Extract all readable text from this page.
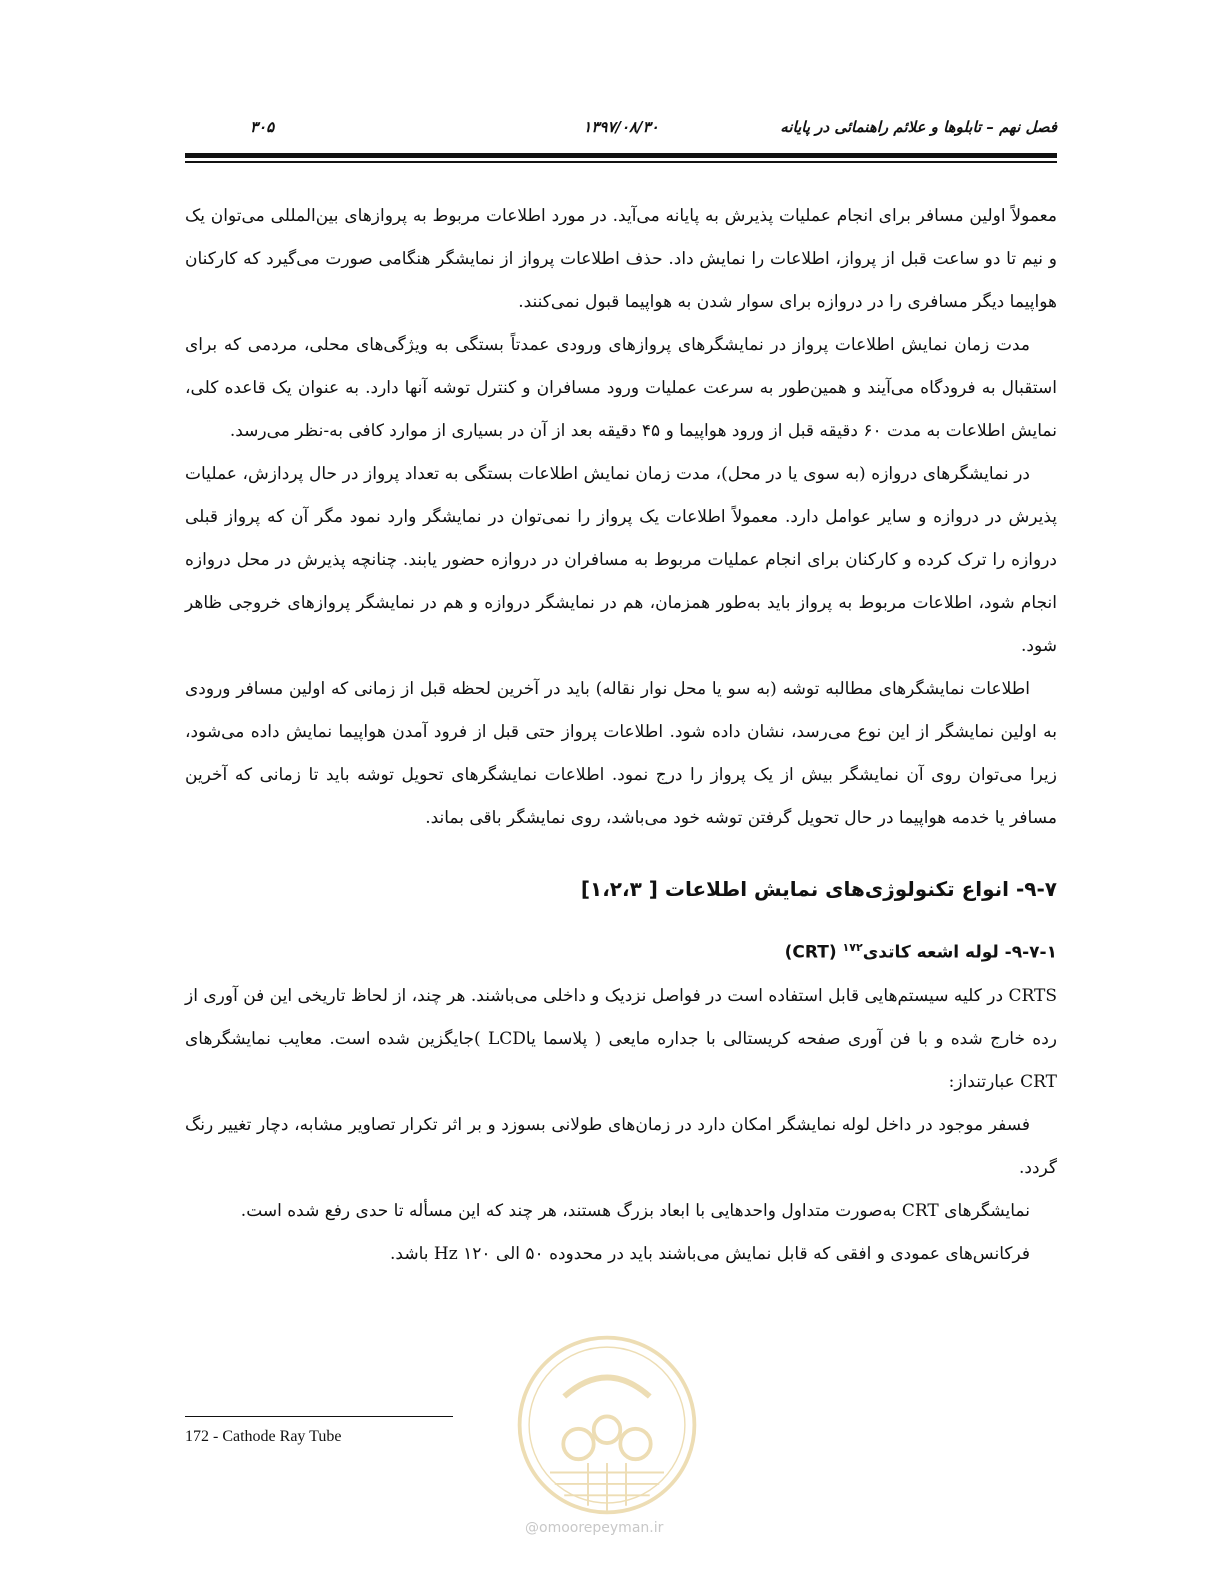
فصل نهم – تابلوها و علائم راهنمائی در پایانه
۱۳۹۷/۰۸/۳۰
۳۰۵

معمولاً اولین مسافر برای انجام عملیات پذیرش به پایانه می‌آید. در مورد اطلاعات مربوط به پروازهای بین‌المللی می‌توان یک و نیم تا دو ساعت قبل از پرواز، اطلاعات را نمایش داد. حذف اطلاعات پرواز از نمایشگر هنگامی صورت می‌گیرد که کارکنان هواپیما دیگر مسافری را در دروازه برای سوار شدن به هواپیما قبول نمی‌کنند.

مدت زمان نمایش اطلاعات پرواز در نمایشگرهای پروازهای ورودی عمدتاً بستگی به ویژگی‌های محلی، مردمی که برای استقبال به فرودگاه می‌آیند و همین‌طور به سرعت عملیات ورود مسافران و کنترل توشه آنها دارد. به عنوان یک قاعده کلی، نمایش اطلاعات به مدت ۶۰ دقیقه قبل از ورود هواپیما و ۴۵ دقیقه بعد از آن در بسیاری از موارد کافی به-نظر می‌رسد.

در نمایشگرهای دروازه (به سوی یا در محل)، مدت زمان نمایش اطلاعات بستگی به تعداد پرواز در حال پردازش، عملیات پذیرش در دروازه و سایر عوامل دارد. معمولاً اطلاعات یک پرواز را نمی‌توان در نمایشگر وارد نمود مگر آن که پرواز قبلی دروازه را ترک کرده و کارکنان برای انجام عملیات مربوط به مسافران در دروازه حضور یابند. چنانچه پذیرش در محل دروازه انجام شود، اطلاعات مربوط به پرواز باید به‌طور همزمان، هم در نمایشگر دروازه و هم در نمایشگر پروازهای خروجی ظاهر شود.

اطلاعات نمایشگرهای مطالبه توشه (به سو یا محل نوار نقاله) باید در آخرین لحظه قبل از زمانی که اولین مسافر ورودی به اولین نمایشگر از این نوع می‌رسد، نشان داده شود. اطلاعات پرواز حتی قبل از فرود آمدن هواپیما نمایش داده می‌شود، زیرا می‌توان روی آن نمایشگر بیش از یک پرواز را درج نمود. اطلاعات نمایشگرهای تحویل توشه باید تا زمانی که آخرین مسافر یا خدمه هواپیما در حال تحویل گرفتن توشه خود می‌باشد، روی نمایشگر باقی بماند.

۹-۷- انواع تکنولوژی‌های نمایش اطلاعات [ ۱،۲،۳]
۹-۷-۱- لوله اشعه کاتدی$^{۱۷۲}$ (CRT)

CRTS در کلیه سیستم‌هایی قابل استفاده است در فواصل نزدیک و داخلی می‌باشند. هر چند، از لحاظ تاریخی این فن آوری از رده خارج شده و با فن آوری صفحه کریستالی با جداره مایعی ( پلاسما یاLCD )جایگزین شده است. معایب نمایشگرهای CRT عبارتنداز:

فسفر موجود در داخل لوله نمایشگر امکان دارد در زمان‌های طولانی بسوزد و بر اثر تکرار تصاویر مشابه، دچار تغییر رنگ گردد.

نمایشگرهای CRT به‌صورت متداول واحدهایی با ابعاد بزرگ هستند، هر چند که این مسأله تا حدی رفع شده است.

فرکانس‌های عمودی و افقی که قابل نمایش می‌باشند باید در محدوده ۵۰ الی ۱۲۰ Hz باشد.

@omoorepeyman.ir
172 - Cathode Ray Tube
